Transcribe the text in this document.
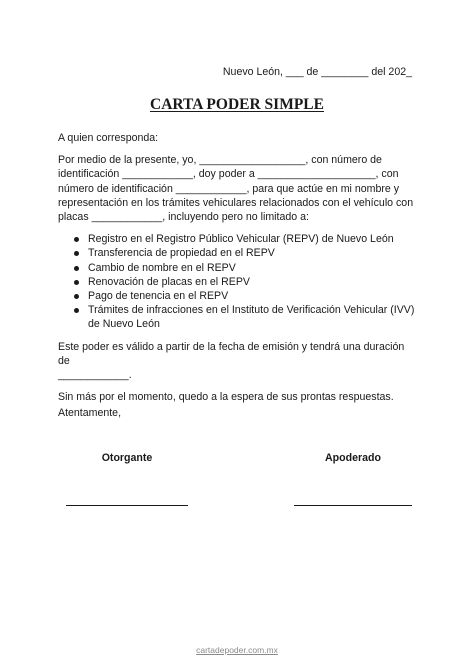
Nuevo León, ___ de ________ del 202_
CARTA PODER SIMPLE

A quien corresponda:

Por medio de la presente, yo, __________________, con número de
identificación ____________, doy poder a ____________________, con
número de identificación ____________, para que actúe en mi nombre y
representación en los trámites vehiculares relacionados con el vehículo con
placas ____________, incluyendo pero no limitado a:

Registro en el Registro Público Vehicular (REPV) de Nuevo León
Transferencia de propiedad en el REPV
Cambio de nombre en el REPV
Renovación de placas en el REPV
Pago de tenencia en el REPV
Trámites de infracciones en el Instituto de Verificación Vehicular (IVV)
de Nuevo León

Este poder es válido a partir de la fecha de emisión y tendrá una duración de
____________.

Sin más por el momento, quedo a la espera de sus prontas respuestas.

Atentamente,
Otorgante	Apoderado
cartadepoder.com.mx
